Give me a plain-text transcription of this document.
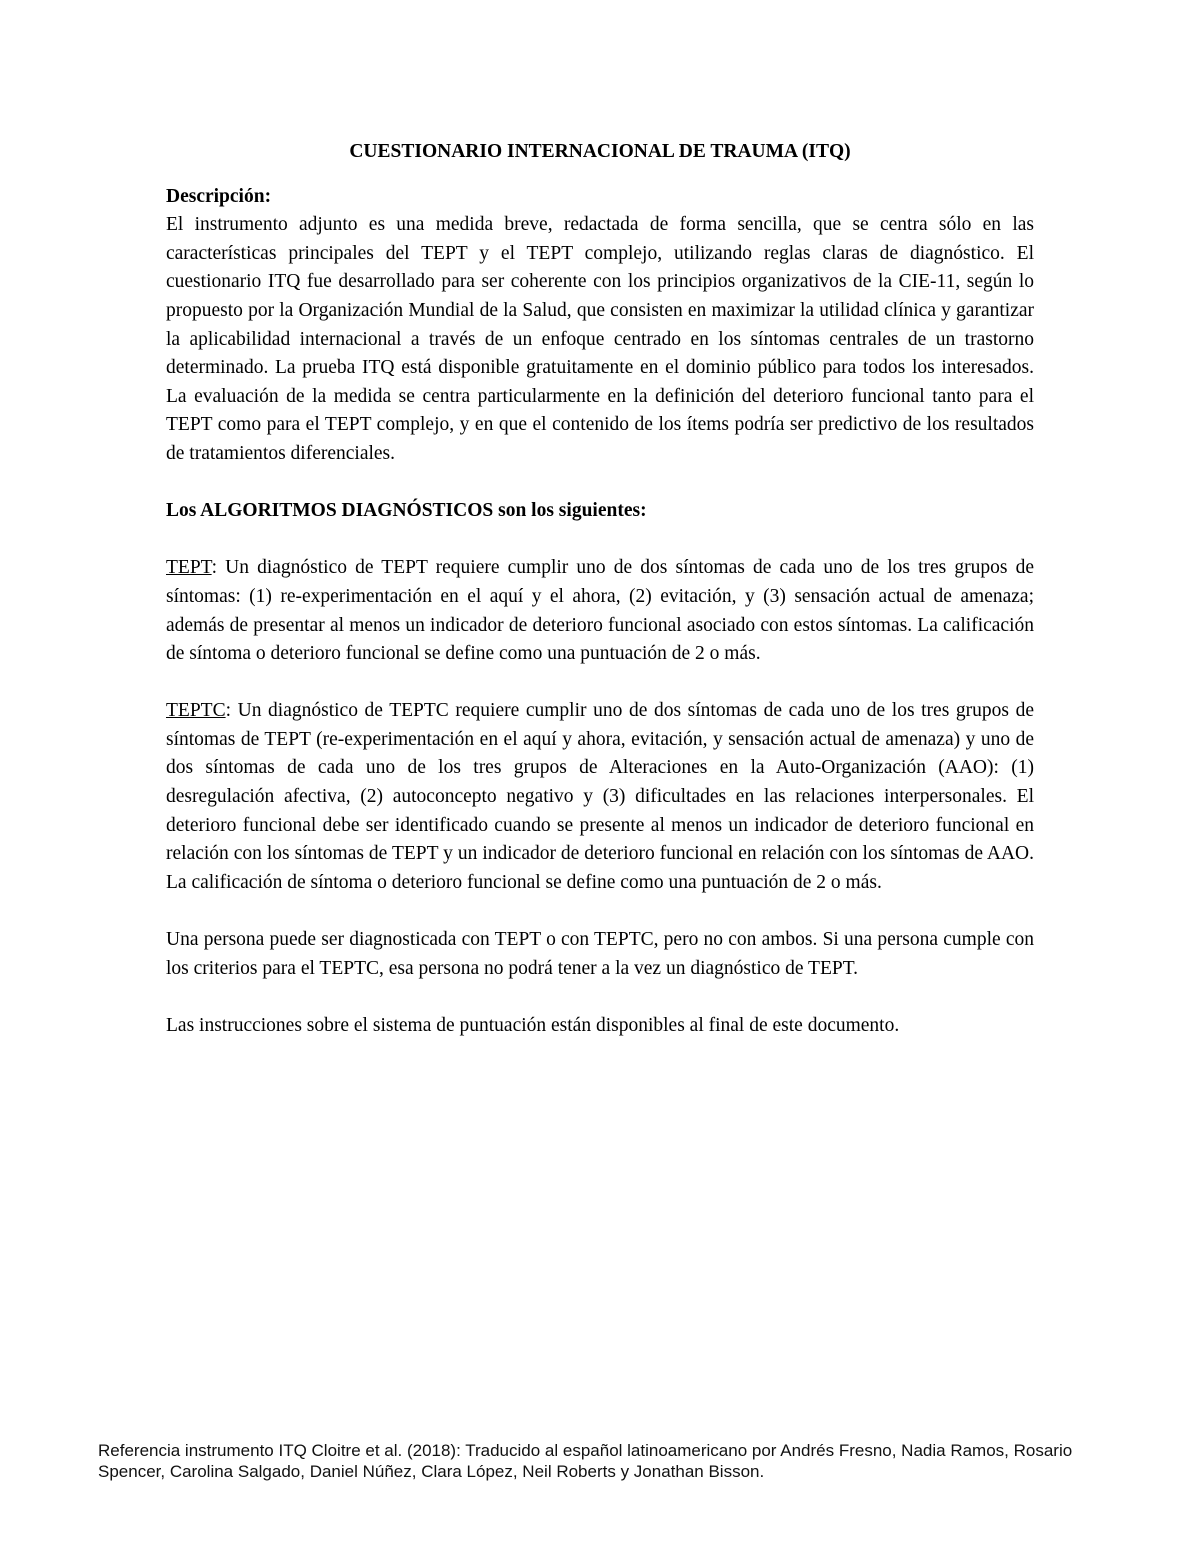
CUESTIONARIO INTERNACIONAL DE TRAUMA (ITQ)
Descripción:

El instrumento adjunto es una medida breve, redactada de forma sencilla, que se centra sólo en las características principales del TEPT y el TEPT complejo, utilizando reglas claras de diagnóstico. El cuestionario ITQ fue desarrollado para ser coherente con los principios organizativos de la CIE-11, según lo propuesto por la Organización Mundial de la Salud, que consisten en maximizar la utilidad clínica y garantizar la aplicabilidad internacional a través de un enfoque centrado en los síntomas centrales de un trastorno determinado. La prueba ITQ está disponible gratuitamente en el dominio público para todos los interesados. La evaluación de la medida se centra particularmente en la definición del deterioro funcional tanto para el TEPT como para el TEPT complejo, y en que el contenido de los ítems podría ser predictivo de los resultados de tratamientos diferenciales.

Los ALGORITMOS DIAGNÓSTICOS son los siguientes:

TEPT: Un diagnóstico de TEPT requiere cumplir uno de dos síntomas de cada uno de los tres grupos de síntomas: (1) re-experimentación en el aquí y el ahora, (2) evitación, y (3) sensación actual de amenaza; además de presentar al menos un indicador de deterioro funcional asociado con estos síntomas. La calificación de síntoma o deterioro funcional se define como una puntuación de 2 o más.

TEPTC: Un diagnóstico de TEPTC requiere cumplir uno de dos síntomas de cada uno de los tres grupos de síntomas de TEPT (re-experimentación en el aquí y ahora, evitación, y sensación actual de amenaza) y uno de dos síntomas de cada uno de los tres grupos de Alteraciones en la Auto-Organización (AAO): (1) desregulación afectiva, (2) autoconcepto negativo y (3) dificultades en las relaciones interpersonales. El deterioro funcional debe ser identificado cuando se presente al menos un indicador de deterioro funcional en relación con los síntomas de TEPT y un indicador de deterioro funcional en relación con los síntomas de AAO. La calificación de síntoma o deterioro funcional se define como una puntuación de 2 o más.

Una persona puede ser diagnosticada con TEPT o con TEPTC, pero no con ambos. Si una persona cumple con los criterios para el TEPTC, esa persona no podrá tener a la vez un diagnóstico de TEPT.

Las instrucciones sobre el sistema de puntuación están disponibles al final de este documento.

Referencia instrumento ITQ Cloitre et al. (2018): Traducido al español latinoamericano por Andrés Fresno, Nadia Ramos, Rosario Spencer, Carolina Salgado, Daniel Núñez, Clara López, Neil Roberts y Jonathan Bisson.
